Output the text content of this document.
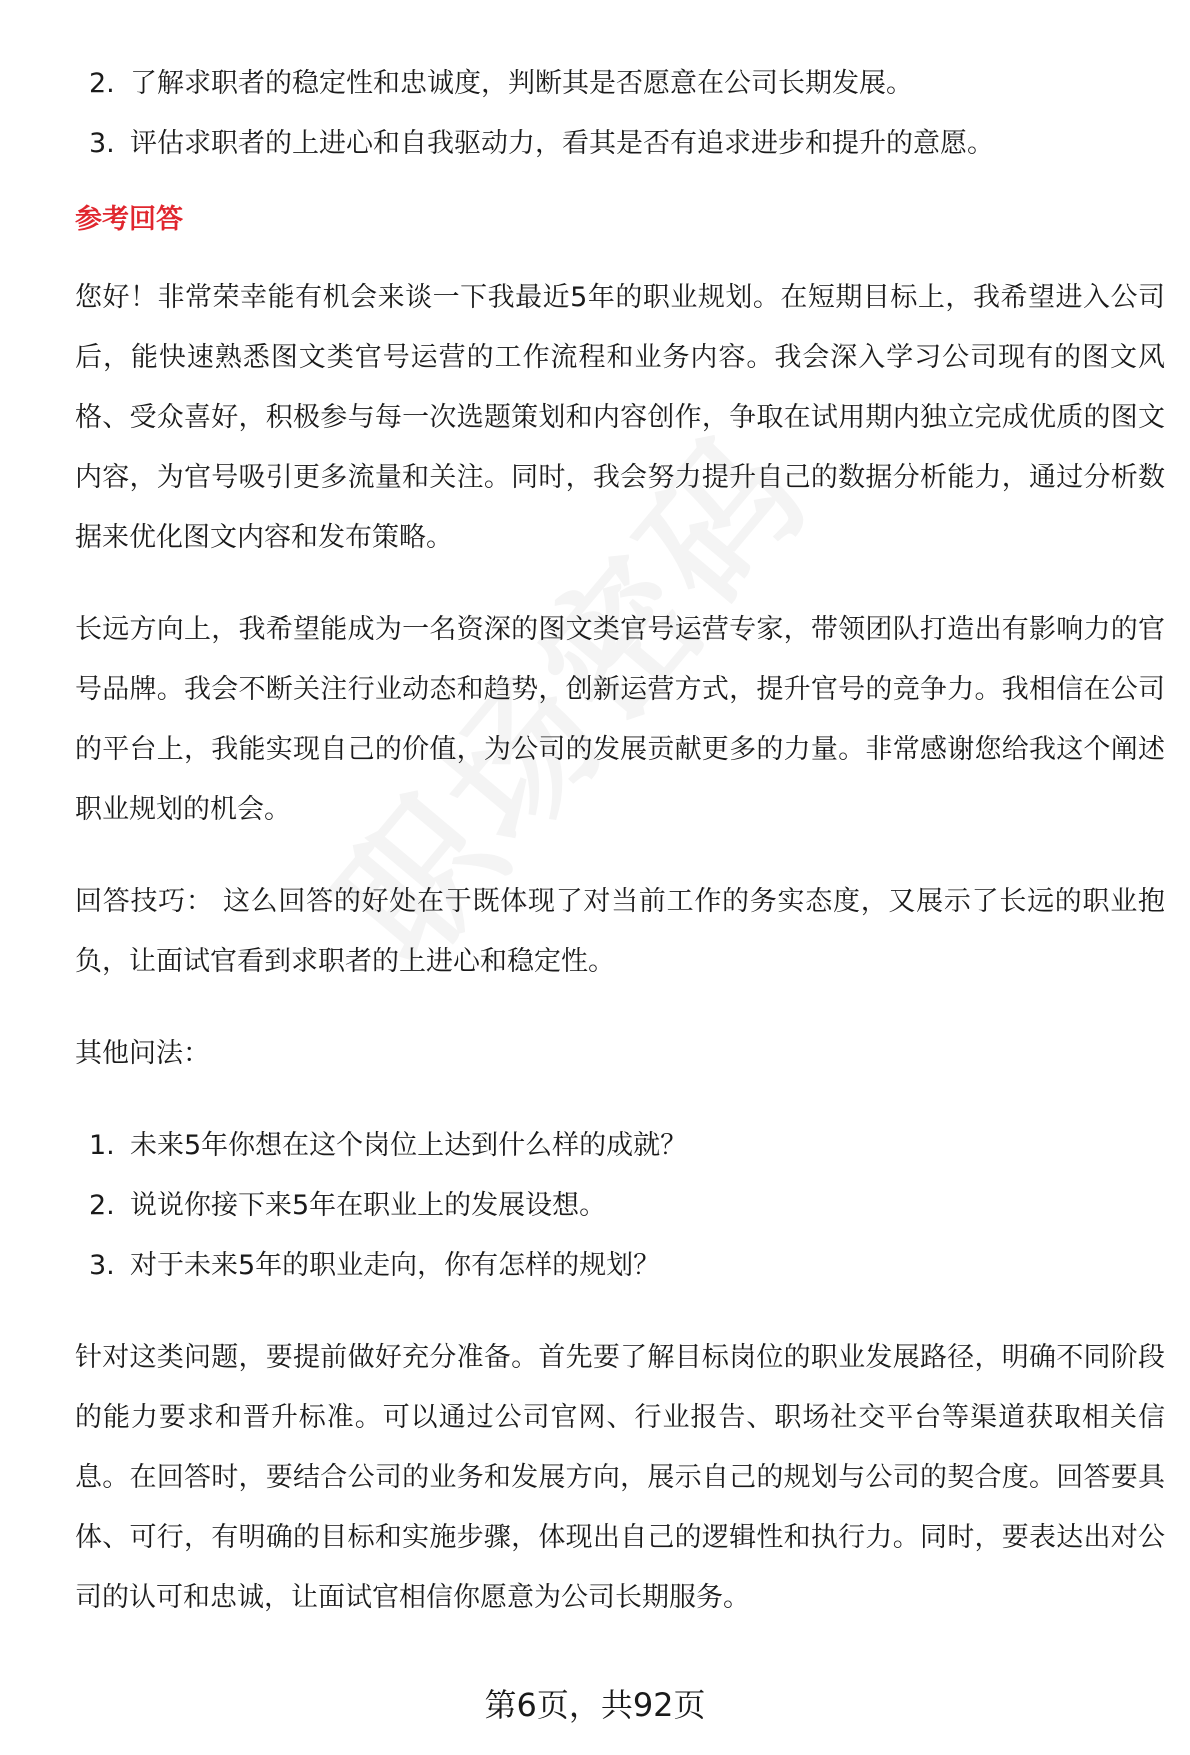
2. 了解求职者的稳定性和忠诚度，判断其是否愿意在公司长期发展。
3. 评估求职者的上进心和自我驱动力，看其是否有追求进步和提升的意愿。
参考回答

您好！非常荣幸能有机会来谈一下我最近5年的职业规划。在短期目标上，我希望进入公司后，能快速熟悉图文类官号运营的工作流程和业务内容。我会深入学习公司现有的图文风格、受众喜好，积极参与每一次选题策划和内容创作，争取在试用期内独立完成优质的图文内容，为官号吸引更多流量和关注。同时，我会努力提升自己的数据分析能力，通过分析数据来优化图文内容和发布策略。

长远方向上，我希望能成为一名资深的图文类官号运营专家，带领团队打造出有影响力的官号品牌。我会不断关注行业动态和趋势，创新运营方式，提升官号的竞争力。我相信在公司的平台上，我能实现自己的价值，为公司的发展贡献更多的力量。非常感谢您给我这个阐述职业规划的机会。

回答技巧： 这么回答的好处在于既体现了对当前工作的务实态度，又展示了长远的职业抱负，让面试官看到求职者的上进心和稳定性。

其他问法：

1. 未来5年你想在这个岗位上达到什么样的成就？
2. 说说你接下来5年在职业上的发展设想。
3. 对于未来5年的职业走向，你有怎样的规划？

针对这类问题，要提前做好充分准备。首先要了解目标岗位的职业发展路径，明确不同阶段的能力要求和晋升标准。可以通过公司官网、行业报告、职场社交平台等渠道获取相关信息。在回答时，要结合公司的业务和发展方向，展示自己的规划与公司的契合度。回答要具体、可行，有明确的目标和实施步骤，体现出自己的逻辑性和执行力。同时，要表达出对公司的认可和忠诚，让面试官相信你愿意为公司长期服务。

第6页，共92页
